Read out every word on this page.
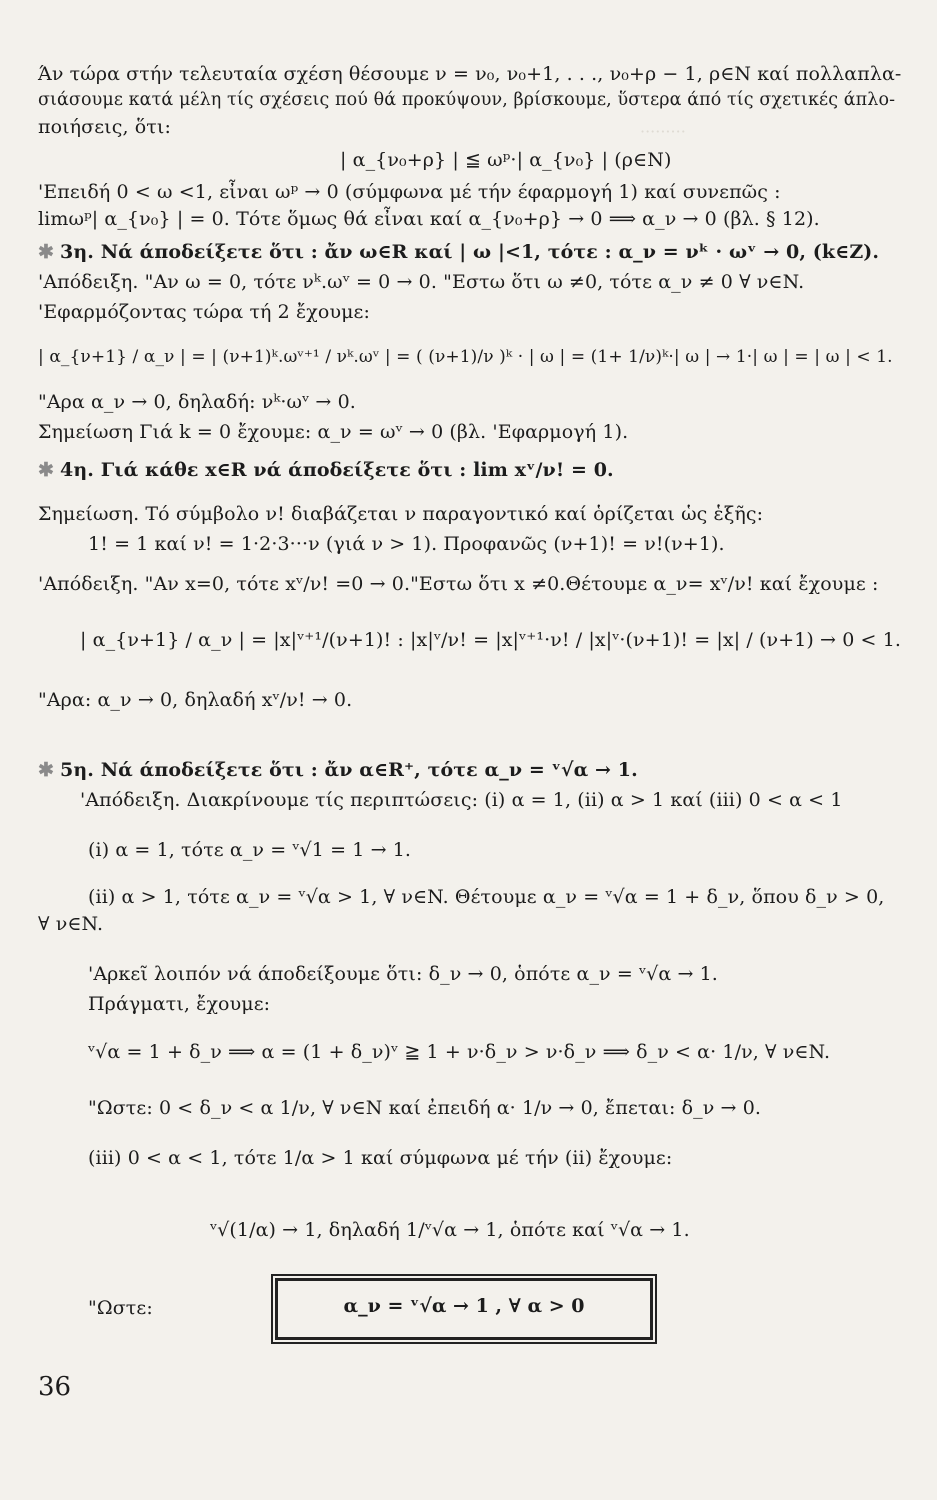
·········
Άν τώρα στήν τελευταία σχέση θέσουμε ν = ν₀, ν₀+1, . . ., ν₀+ρ − 1, ρ∈N καί πολλαπλα-
σιάσουμε κατά μέλη τίς σχέσεις πού θά προκύψουν, βρίσκουμε, ὕστερα άπό τίς σχετικές άπλο-
ποιήσεις, ὅτι:
| α_{ν₀+ρ} | ≦ ωᵖ·| α_{ν₀} | (ρ∈N)
'Επειδή 0 < ω <1, εἶναι ωᵖ → 0 (σύμφωνα μέ τήν έφαρμογή 1) καί συνεπῶς :
limωᵖ| α_{ν₀} | = 0. Τότε ὅμως θά εἶναι καί α_{ν₀+ρ} → 0 ⟹ α_ν → 0 (βλ. § 12).
✱ 3η. Νά άποδείξετε ὅτι : ἄν ω∈R καί | ω |<1, τότε : α_ν = νᵏ · ωᵛ → 0, (k∈Z).
'Απόδειξη. "Αν ω = 0, τότε νᵏ.ωᵛ = 0 → 0. "Εστω ὅτι ω ≠0, τότε α_ν ≠ 0 ∀ ν∈N.
'Εφαρμόζοντας τώρα τή 2 ἔχουμε:
| α_{ν+1} / α_ν | = | (ν+1)ᵏ.ωᵛ⁺¹ / νᵏ.ωᵛ | = ( (ν+1)/ν )ᵏ · | ω | = (1+ 1/ν)ᵏ·| ω | → 1·| ω | = | ω | < 1.
"Αρα α_ν → 0, δηλαδή: νᵏ·ωᵛ → 0.
Σημείωση Γιά k = 0 ἔχουμε: α_ν = ωᵛ → 0 (βλ. 'Εφαρμογή 1).
✱ 4η. Γιά κάθε x∈R νά άποδείξετε ὅτι : lim xᵛ/ν! = 0.
Σημείωση. Τό σύμβολο ν! διαβάζεται ν παραγοντικό καί ὁρίζεται ὡς ἑξῆς:
1! = 1 καί ν! = 1·2·3···ν (γιά ν > 1). Προφανῶς (ν+1)! = ν!(ν+1).
'Απόδειξη. "Αν x=0, τότε xᵛ/ν! =0 → 0."Εστω ὅτι x ≠0.Θέτουμε α_ν= xᵛ/ν! καί ἔχουμε :
| α_{ν+1} / α_ν | = |x|ᵛ⁺¹/(ν+1)! : |x|ᵛ/ν! = |x|ᵛ⁺¹·ν! / |x|ᵛ·(ν+1)! = |x| / (ν+1) → 0 < 1.
"Αρα: α_ν → 0, δηλαδή xᵛ/ν! → 0.
✱ 5η. Νά άποδείξετε ὅτι : ἄν α∈R⁺, τότε α_ν = ᵛ√α → 1.
'Απόδειξη. Διακρίνουμε τίς περιπτώσεις: (i) α = 1, (ii) α > 1 καί (iii) 0 < α < 1
(i) α = 1, τότε α_ν = ᵛ√1 = 1 → 1.
(ii) α > 1, τότε α_ν = ᵛ√α > 1, ∀ ν∈N. Θέτουμε α_ν = ᵛ√α = 1 + δ_ν, ὅπου δ_ν > 0,
∀ ν∈N.
'Αρκεῖ λοιπόν νά άποδείξουμε ὅτι: δ_ν → 0, ὁπότε α_ν = ᵛ√α → 1.
Πράγματι, ἔχουμε:
ᵛ√α = 1 + δ_ν ⟹ α = (1 + δ_ν)ᵛ ≧ 1 + ν·δ_ν > ν·δ_ν ⟹ δ_ν < α· 1/ν, ∀ ν∈N.
"Ωστε: 0 < δ_ν < α 1/ν, ∀ ν∈N καί ἐπειδή α· 1/ν → 0, ἔπεται: δ_ν → 0.
(iii) 0 < α < 1, τότε 1/α > 1 καί σύμφωνα μέ τήν (ii) ἔχουμε:
ᵛ√(1/α) → 1, δηλαδή 1/ᵛ√α → 1, ὁπότε καί ᵛ√α → 1.
"Ωστε:	α_ν = ᵛ√α → 1 , ∀ α > 0
36
